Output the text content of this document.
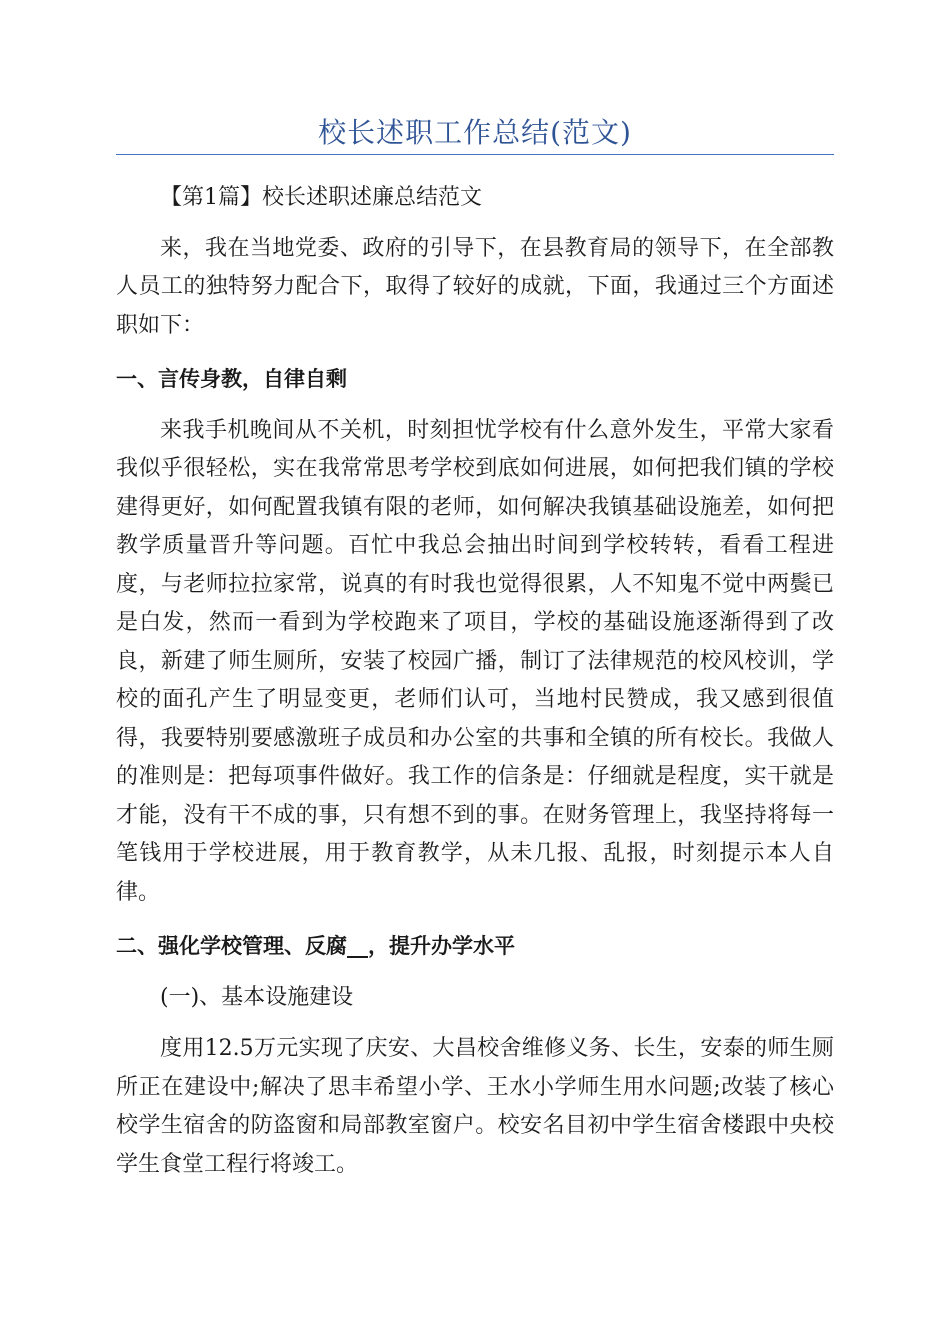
校长述职工作总结(范文)

【第1篇】校长述职述廉总结范文

来，我在当地党委、政府的引导下，在县教育局的领导下，在全部教人员工的独特努力配合下，取得了较好的成就，下面，我通过三个方面述职如下：

一、言传身教，自律自剩

来我手机晚间从不关机，时刻担忧学校有什么意外发生，平常大家看我似乎很轻松，实在我常常思考学校到底如何进展，如何把我们镇的学校建得更好，如何配置我镇有限的老师，如何解决我镇基础设施差，如何把教学质量晋升等问题。百忙中我总会抽出时间到学校转转，看看工程进度，与老师拉拉家常，说真的有时我也觉得很累，人不知鬼不觉中两鬓已是白发，然而一看到为学校跑来了项目，学校的基础设施逐渐得到了改良，新建了师生厕所，安装了校园广播，制订了法律规范的校风校训，学校的面孔产生了明显变更，老师们认可，当地村民赞成，我又感到很值得，我要特别要感激班子成员和办公室的共事和全镇的所有校长。我做人的准则是：把每项事件做好。我工作的信条是：仔细就是程度，实干就是才能，没有干不成的事，只有想不到的事。在财务管理上，我坚持将每一笔钱用于学校进展，用于教育教学，从未几报、乱报，时刻提示本人自律。

二、强化学校管理、反腐__，提升办学水平

(一)、基本设施建设

度用12.5万元实现了庆安、大昌校舍维修义务、长生，安泰的师生厕所正在建设中;解决了思丰希望小学、王水小学师生用水问题;改装了核心校学生宿舍的防盗窗和局部教室窗户。校安名目初中学生宿舍楼跟中央校学生食堂工程行将竣工。
